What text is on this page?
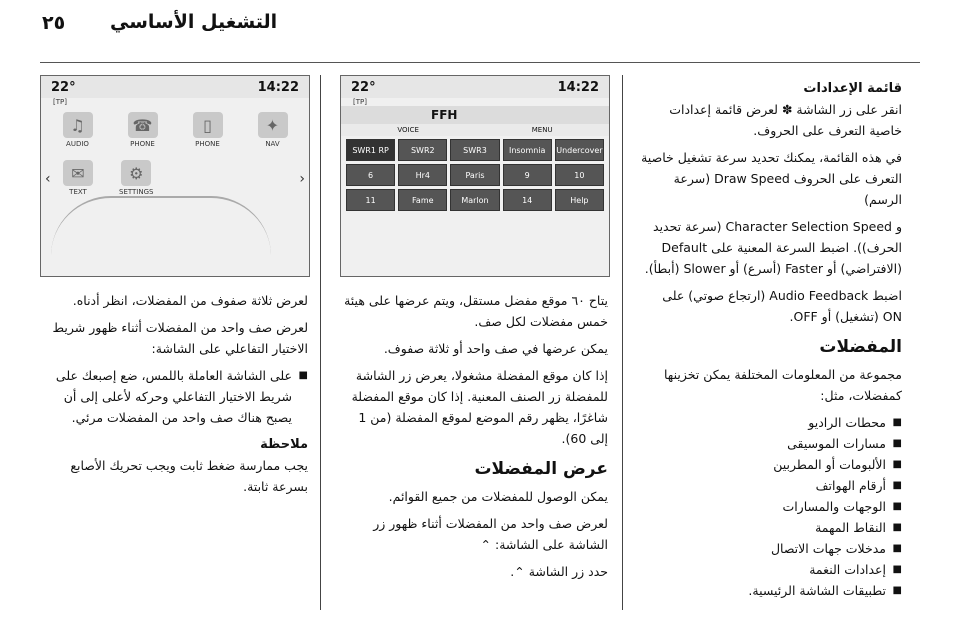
٢٥ التشغيل الأساسي
قائمة الإعدادات

انقر على زر الشاشة ✽ لعرض قائمة إعدادات خاصية التعرف على الحروف.

في هذه القائمة، يمكنك تحديد سرعة تشغيل خاصية التعرف على الحروف Draw Speed (سرعة الرسم)

و Character Selection Speed (سرعة تحديد الحرف)). اضبط السرعة المعنية على Default (الافتراضي) أو Faster (أسرع) أو Slower (أبطأ).

اضبط Audio Feedback (ارتجاع صوتي) على ON (تشغيل) أو OFF.

المفضلات

مجموعة من المعلومات المختلفة يمكن تخزينها كمفضلات، مثل:

■ محطات الراديو
■ مسارات الموسيقى
■ الألبومات أو المطربين
■ أرقام الهواتف
■ الوجهات والمسارات
■ النقاط المهمة
■ مدخلات جهات الاتصال
■ إعدادات النغمة
■ تطبيقات الشاشة الرئيسية.
22°	14:22
[TP]
FFH
VOICE	MENU
SWR1 RP	SWR2	SWR3	Insomnia	Undercover
6	Hr4	Paris	9	10
11	Fame	Marlon	14	Help

يتاح ٦٠ موقع مفضل مستقل، ويتم عرضها على هيئة خمس مفضلات لكل صف.

يمكن عرضها في صف واحد أو ثلاثة صفوف.

إذا كان موقع المفضلة مشغولا، يعرض زر الشاشة للمفضلة زر الصنف المعنية. إذا كان موقع المفضلة شاغرًا، يظهر رقم الموضع لموقع المفضلة (من 1 إلى 60).

عرض المفضلات

يمكن الوصول للمفضلات من جميع القوائم.

لعرض صف واحد من المفضلات أثناء ظهور زر الشاشة على الشاشة: ⌃

حدد زر الشاشة ⌃.

22°	14:22
[TP]
♫
AUDIO
☎
PHONE
▯
PHONE
✦
NAV
✉
TEXT
⚙
SETTINGS
‹	›

لعرض ثلاثة صفوف من المفضلات، انظر أدناه.

لعرض صف واحد من المفضلات أثناء ظهور شريط الاختيار التفاعلي على الشاشة:

■ على الشاشة العاملة باللمس، ضع إصبعك على شريط الاختيار التفاعلي وحركه لأعلى إلى أن يصبح هناك صف واحد من المفضلات مرئي.
ملاحظة

يجب ممارسة ضغط ثابت ويجب تحريك الأصابع بسرعة ثابتة.
